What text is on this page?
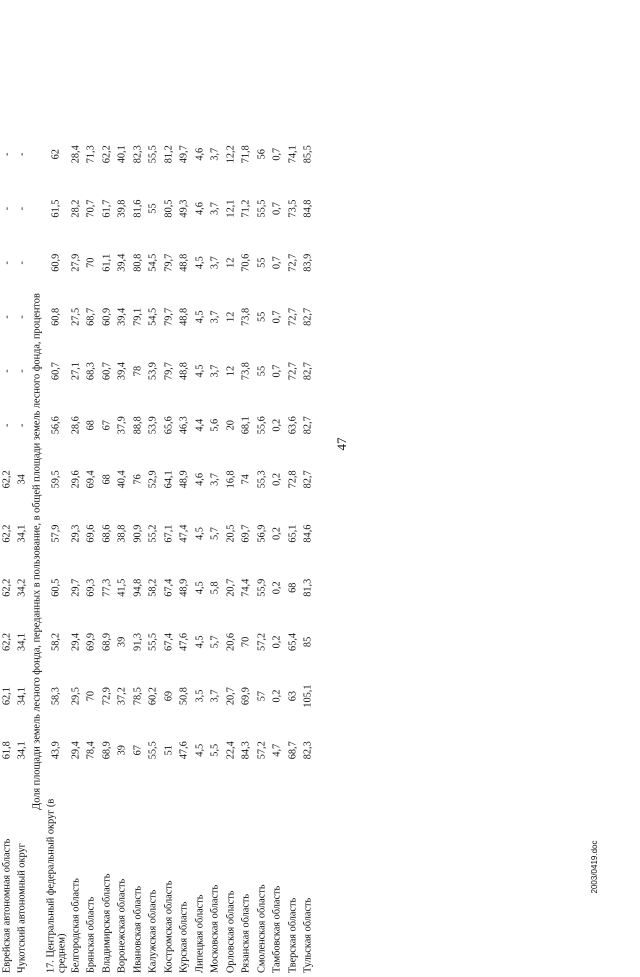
47

Еврейская автономная область	61,8	62,1	62,2	62,2	62,2	62,2	-	-	-	-	-	-
Чукотский автономный округ	34,1	34,1	34,1	34,2	34,1	34	-	-	-	-	-	-
Доля площади земель лесного фонда, переданных в пользование, в общей площади земель лесного фонда, процентов												
17. Центральный федеральный округ (в среднем)	43,9	58,3	58,2	60,5	57,9	59,5	56,6	60,7	60,8	60,9	61,5	62
Белгородская область	29,4	29,5	29,4	29,7	29,3	29,6	28,6	27,1	27,5	27,9	28,2	28,4
Брянская область	78,4	70	69,9	69,3	69,6	69,4	68	68,3	68,7	70	70,7	71,3
Владимирская область	68,9	72,9	68,9	77,3	68,6	68	67	60,7	60,9	61,1	61,7	62,2
Воронежская область	39	37,2	39	41,5	38,8	40,4	37,9	39,4	39,4	39,4	39,8	40,1
Ивановская область	67	78,5	91,3	94,8	90,9	76	88,8	78	79,1	80,8	81,6	82,3
Калужская область	55,5	60,2	55,5	58,2	55,2	52,9	53,9	53,9	54,5	54,5	55	55,5
Костромская область	51	69	67,4	67,4	67,1	64,1	65,6	79,7	79,7	79,7	80,5	81,2
Курская область	47,6	50,8	47,6	48,9	47,4	48,9	46,3	48,8	48,8	48,8	49,3	49,7
Липецкая область	4,5	3,5	4,5	4,5	4,5	4,6	4,4	4,5	4,5	4,5	4,6	4,6
Московская область	5,5	3,7	5,7	5,8	5,7	3,7	5,6	3,7	3,7	3,7	3,7	3,7
Орловская область	22,4	20,7	20,6	20,7	20,5	16,8	20	12	12	12	12,1	12,2
Рязанская область	84,3	69,9	70	74,4	69,7	74	68,1	73,8	73,8	70,6	71,2	71,8
Смоленская область	57,2	57	57,2	55,9	56,9	55,3	55,6	55	55	55	55,5	56
Тамбовская область	4,7	0,2	0,2	0,2	0,2	0,2	0,2	0,7	0,7	0,7	0,7	0,7
Тверская область	68,7	63	65,4	68	65,1	72,8	63,6	72,7	72,7	72,7	73,5	74,1
Тульская область	82,3	105,1	85	81,3	84,6	82,7	82,7	82,7	82,7	83,9	84,8	85,5
2003/0419.doc
